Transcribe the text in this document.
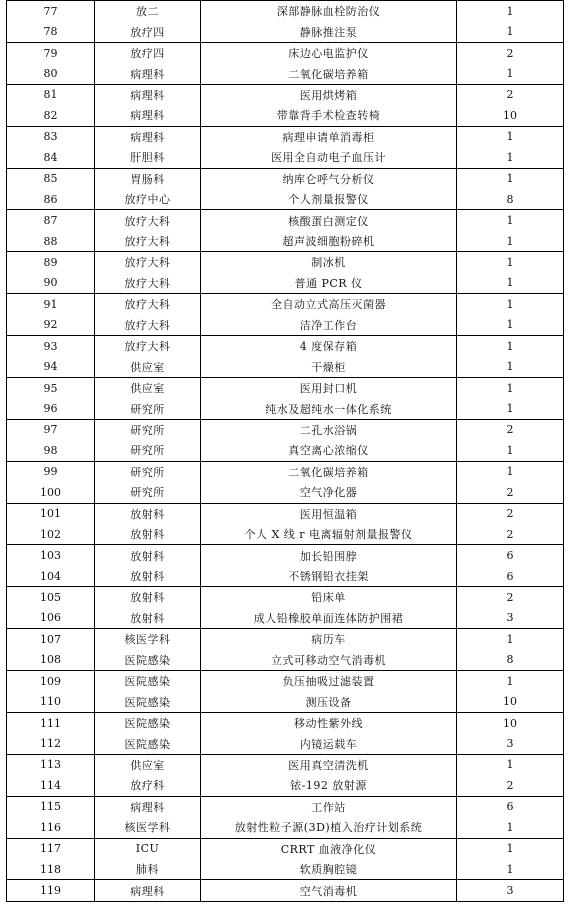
77	放二	深部静脉血栓防治仪	1
78	放疗四	静脉推注泵	1
79	放疗四	床边心电监护仪	2
80	病理科	二氧化碳培养箱	1
81	病理科	医用烘烤箱	2
82	病理科	带靠背手术检查转椅	10
83	病理科	病理申请单消毒柜	1
84	肝胆科	医用全自动电子血压计	1
85	胃肠科	纳库仑呼气分析仪	1
86	放疗中心	个人剂量报警仪	8
87	放疗大科	核酸蛋白测定仪	1
88	放疗大科	超声波细胞粉碎机	1
89	放疗大科	制冰机	1
90	放疗大科	普通 PCR 仪	1
91	放疗大科	全自动立式高压灭菌器	1
92	放疗大科	洁净工作台	1
93	放疗大科	4 度保存箱	1
94	供应室	干燥柜	1
95	供应室	医用封口机	1
96	研究所	纯水及超纯水一体化系统	1
97	研究所	二孔水浴锅	2
98	研究所	真空离心浓缩仪	1
99	研究所	二氧化碳培养箱	1
100	研究所	空气净化器	2
101	放射科	医用恒温箱	2
102	放射科	个人 X 线 r 电离辐射剂量报警仪	2
103	放射科	加长铅围脖	6
104	放射科	不锈钢铅衣挂架	6
105	放射科	铅床单	2
106	放射科	成人铅橡胶单面连体防护围裙	3
107	核医学科	病历车	1
108	医院感染	立式可移动空气消毒机	8
109	医院感染	负压抽吸过滤装置	1
110	医院感染	测压设备	10
111	医院感染	移动性紫外线	10
112	医院感染	内镜运载车	3
113	供应室	医用真空清洗机	1
114	放疗科	铱-192 放射源	2
115	病理科	工作站	6
116	核医学科	放射性粒子源(3D)植入治疗计划系统	1
117	ICU	CRRT 血液净化仪	1
118	肺科	软质胸腔镜	1
119	病理科	空气消毒机	3
